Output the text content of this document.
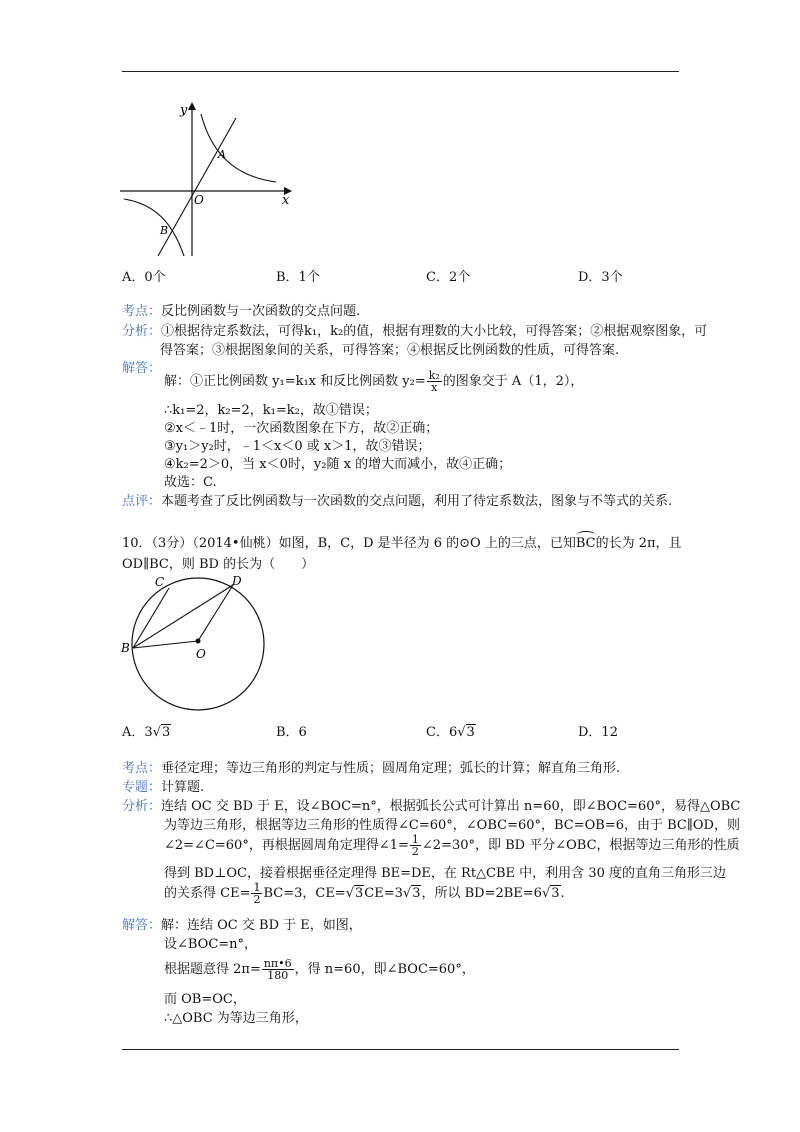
y
x
O
A
B
A．0个	B．1个	C．2个	D．3个
考点：反比例函数与一次函数的交点问题.
分析：①根据待定系数法，可得k₁，k₂的值，根据有理数的大小比较，可得答案；②根据观察图象，可
得答案；③根据图象间的关系，可得答案；④根据反比例函数的性质，可得答案.
解答：
解：①正比例函数 y₁=k₁x 和反比例函数 $y_2= \frac{\text{k₂}}{x}$ 的图象交于 A（1，2），
∴k₁=2，k₂=2，k₁=k₂，故①错误；
②x＜﹣1时，一次函数图象在下方，故②正确；
③y₁＞y₂时，﹣1＜x＜0 或 x＞1，故③错误；
④k₂=2＞0，当 x＜0时，y₂随 x 的增大而减小，故④正确；
故选：C.
点评：本题考查了反比例函数与一次函数的交点问题，利用了待定系数法，图象与不等式的关系.
10．（3分）（2014•仙桃）如图，B，C，D 是半径为 6 的⊙O 上的三点，已知
BC的长为 2π，且
OD∥BC，则 BD 的长为（　　）
C	D
B	O
A．3√3	B．6	C．6√3	D．12
考点：垂径定理；等边三角形的判定与性质；圆周角定理；弧长的计算；解直角三角形.
专题：计算题.
分析：连结 OC 交 BD 于 E，设∠BOC=n°，根据弧长公式可计算出 n=60，即∠BOC=60°，易得△OBC
为等边三角形，根据等边三角形的性质得∠C=60°，∠OBC=60°，BC=OB=6，由于 BC∥OD，则
∠2=∠C=60°，再根据圆周角定理得∠1= $\frac{1}{2}$ ∠2=30°，即 BD 平分∠OBC，根据等边三角形的性质
得到 BD⊥OC，接着根据垂径定理得 BE=DE，在 Rt△CBE 中，利用含 30 度的直角三角形三边
的关系得 $CE= \frac{1}{2} BC=3$，CE=√3CE=3√3，所以 BD=2BE=6√3.
解答：解：连结 OC 交 BD 于 E，如图，
设∠BOC=n°，
根据题意得 $2\pi= \frac{n\pi•6}{180}$ ，得 n=60，即∠BOC=60°，
而 OB=OC，
∴△OBC 为等边三角形，
